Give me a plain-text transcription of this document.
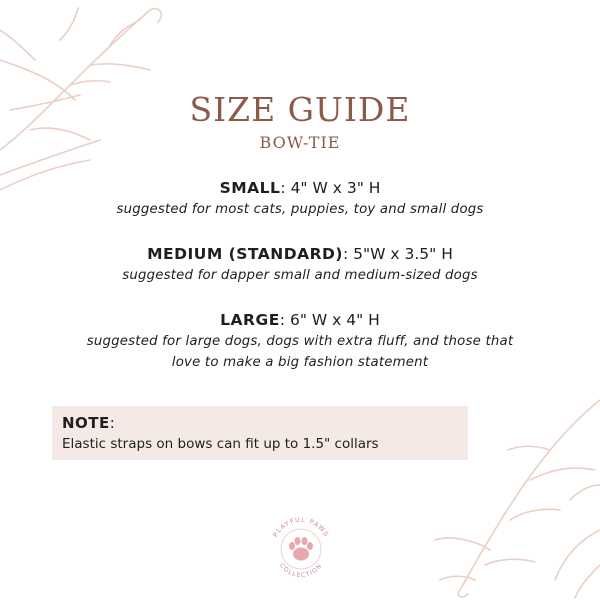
SIZE GUIDE
BOW-TIE
SMALL: 4" W x 3" H
suggested for most cats, puppies, toy and small dogs
MEDIUM (STANDARD): 5"W x 3.5" H
suggested for dapper small and medium-sized dogs
LARGE: 6" W x 4" H
suggested for large dogs, dogs with extra fluff, and those that
love to make a big fashion statement
NOTE:
Elastic straps on bows can fit up to 1.5" collars
PLAYFUL PAWS
COLLECTION
